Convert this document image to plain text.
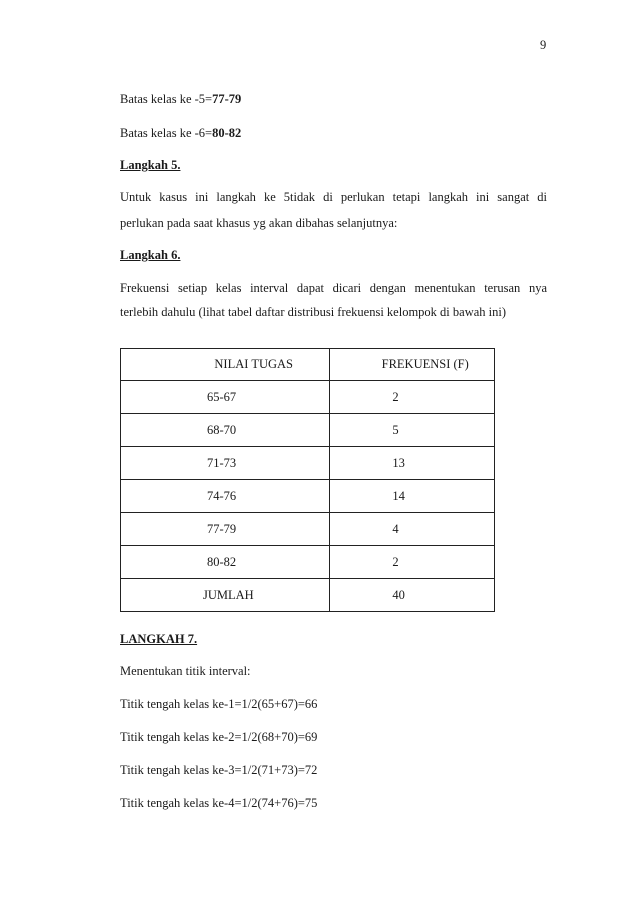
9
Batas kelas ke -5=77-79
Batas kelas ke -6=80-82
Langkah 5.
Untuk kasus ini langkah ke 5tidak di perlukan tetapi langkah ini sangat di
perlukan pada saat khasus yg akan dibahas selanjutnya:
Langkah 6.
Frekuensi setiap kelas interval dapat dicari dengan menentukan terusan nya
terlebih dahulu (lihat tabel daftar distribusi frekuensi kelompok di bawah ini)
NILAI TUGAS	FREKUENSI (F)

65-67	2

68-70	5

71-73	13

74-76	14

77-79	4

80-82	2

JUMLAH	40
LANGKAH 7.
Menentukan titik interval:
Titik tengah kelas ke-1=1/2(65+67)=66
Titik tengah kelas ke-2=1/2(68+70)=69
Titik tengah kelas ke-3=1/2(71+73)=72
Titik tengah kelas ke-4=1/2(74+76)=75
